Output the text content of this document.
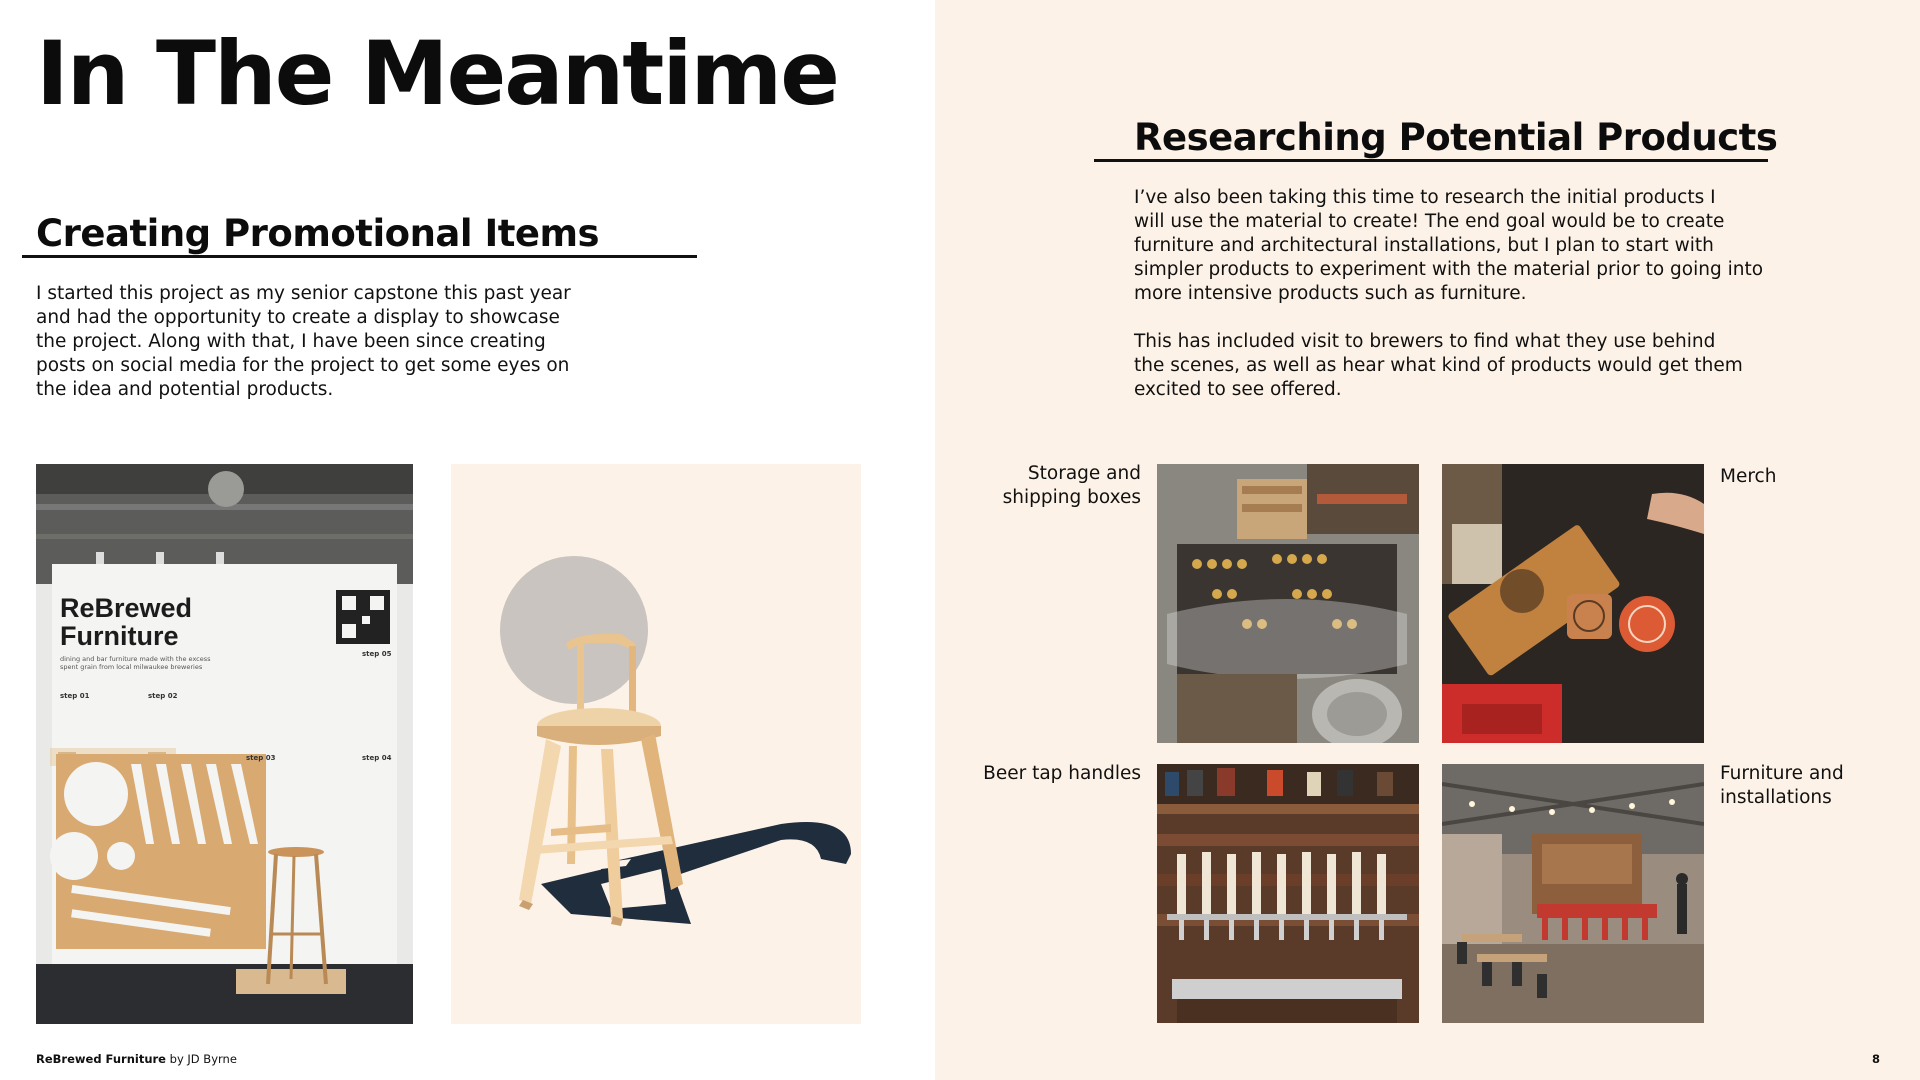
In The Meantime
Creating Promotional Items

I started this project as my senior capstone this past year
and had the opportunity to create a display to showcase
the project. Along with that, I have been since creating
posts on social media for the project to get some eyes on
the idea and potential products.

ReBrewed
Furniture
dining and bar furniture made with the excess
spent grain from local milwaukee breweries
step 01	step 02
step 03	step 04
step 05
Researching Potential Products

I’ve also been taking this time to research the initial products I
will use the material to create! The end goal would be to create
furniture and architectural installations, but I plan to start with
simpler products to experiment with the material prior to going into
more intensive products such as furniture.

This has included visit to brewers to find what they use behind
the scenes, as well as hear what kind of products would get them
excited to see offered.

Storage and
shipping boxes

Merch

Beer tap handles	Furniture and
installations

ReBrewed Furniture by JD Byrne	8
